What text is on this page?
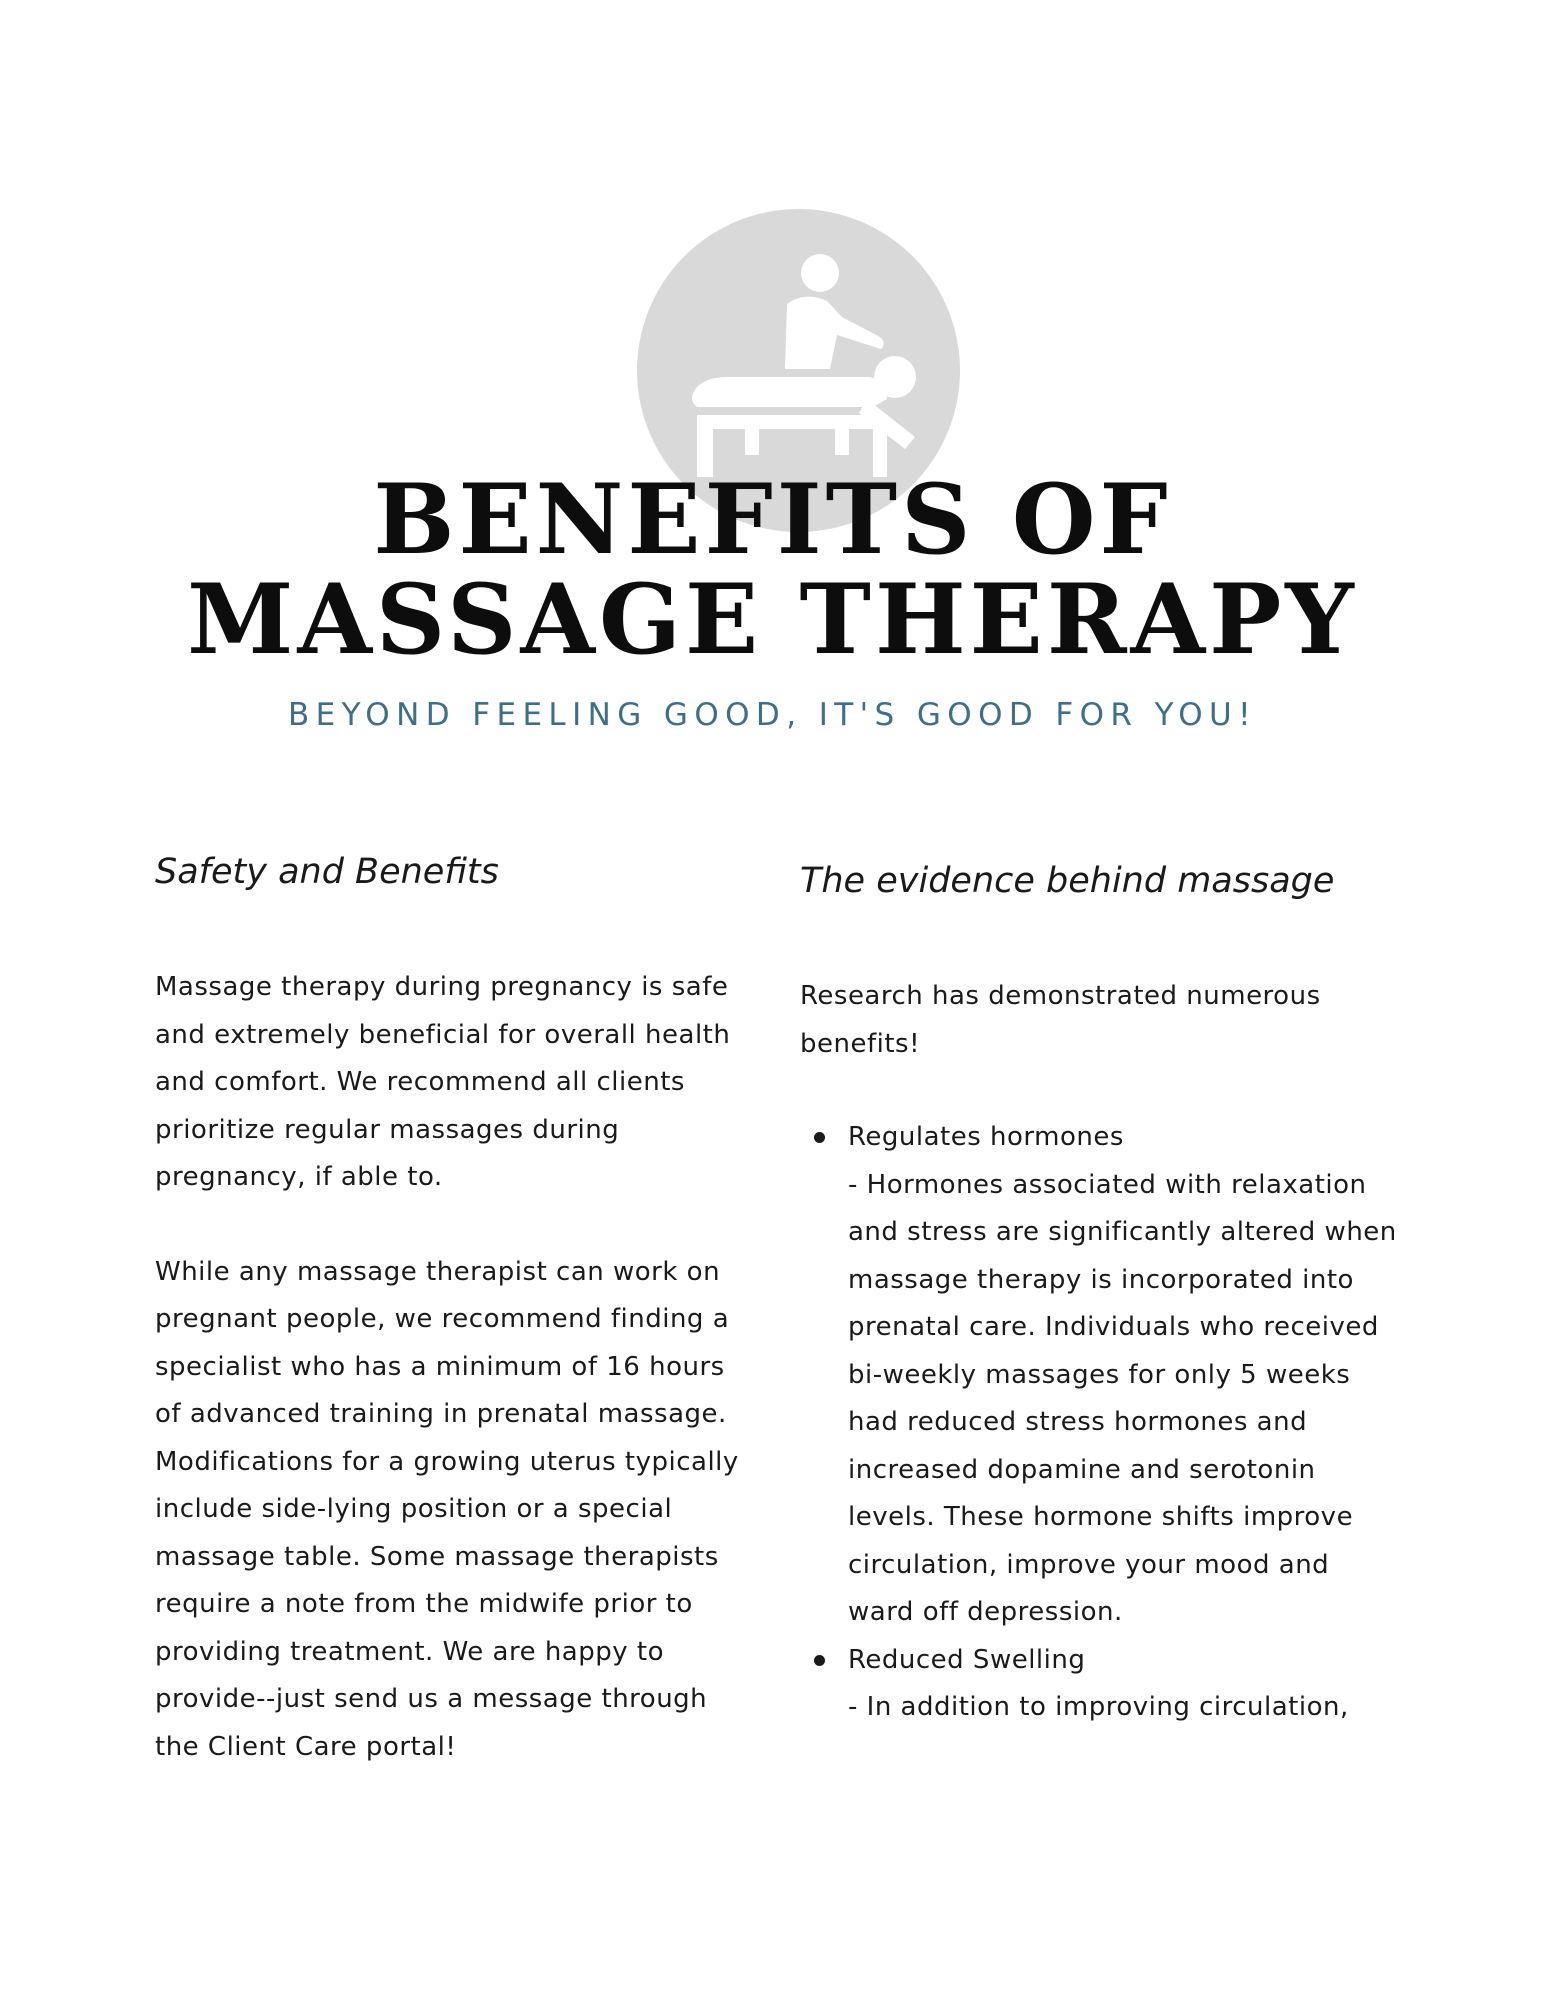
BENEFITS OF
MASSAGE THERAPY
BEYOND FEELING GOOD, IT'S GOOD FOR YOU!
Safety and Benefits

Massage therapy during pregnancy is safe and extremely beneficial for overall health and comfort. We recommend all clients prioritize regular massages during pregnancy, if able to.

While any massage therapist can work on pregnant people, we recommend finding a specialist who has a minimum of 16 hours of advanced training in prenatal massage. Modifications for a growing uterus typically include side-lying position or a special massage table. Some massage therapists require a note from the midwife prior to providing treatment. We are happy to provide--just send us a message through the Client Care portal!

The evidence behind massage

Research has demonstrated numerous benefits!

Regulates hormones
- Hormones associated with relaxation and stress are significantly altered when massage therapy is incorporated into prenatal care. Individuals who received bi-weekly massages for only 5 weeks had reduced stress hormones and increased dopamine and serotonin levels. These hormone shifts improve circulation, improve your mood and ward off depression.
Reduced Swelling
- In addition to improving circulation,
